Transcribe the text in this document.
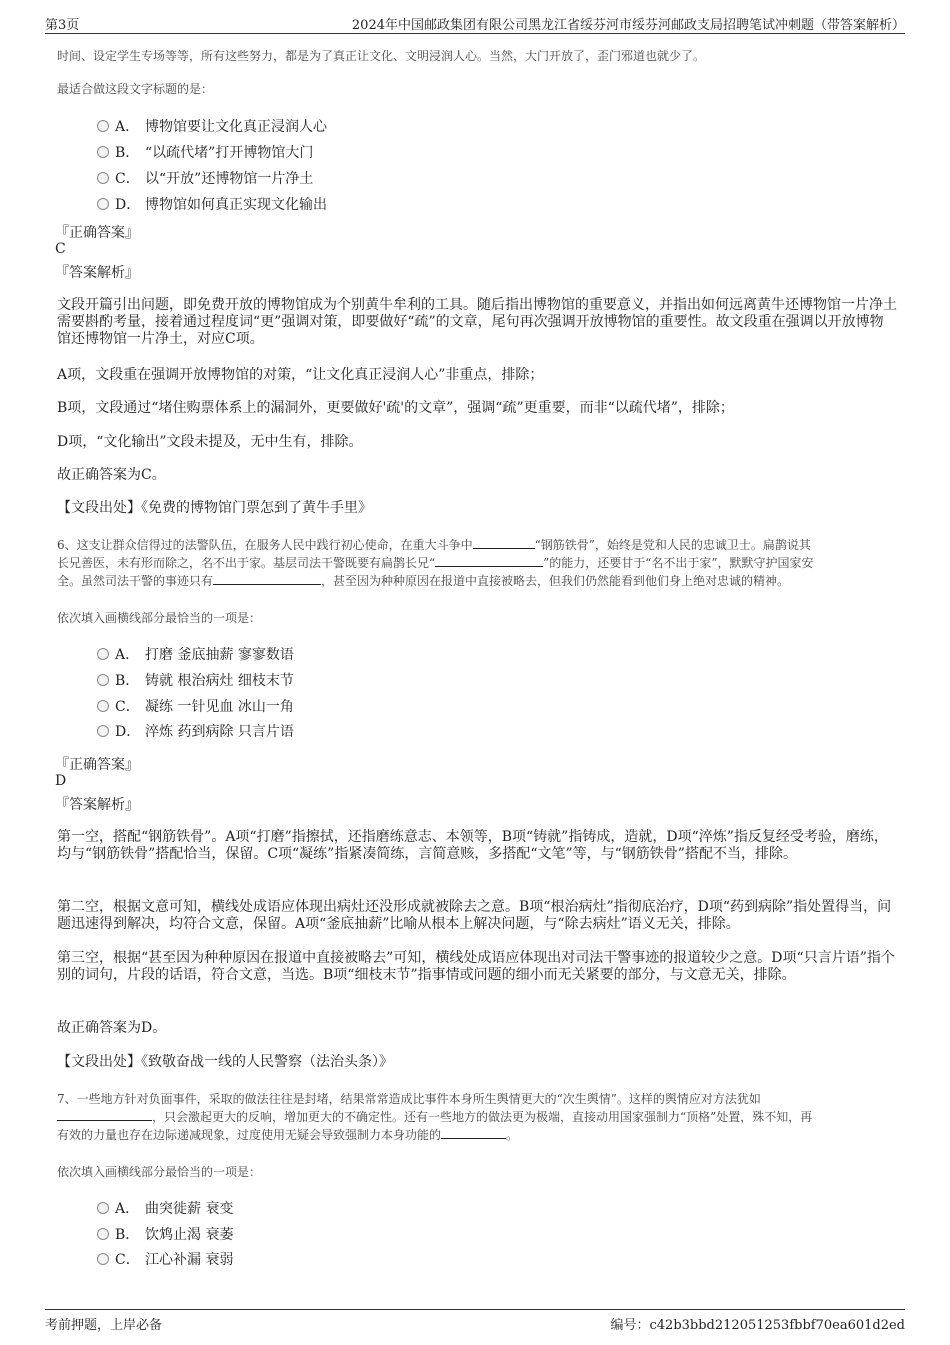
第3页	2024年中国邮政集团有限公司黑龙江省绥芬河市绥芬河邮政支局招聘笔试冲刺题（带答案解析）
时间、设定学生专场等等，所有这些努力，都是为了真正让文化、文明浸润人心。当然，大门开放了，歪门邪道也就少了。
最适合做这段文字标题的是：
A． 博物馆要让文化真正浸润人心
B． “以疏代堵”打开博物馆大门
C． 以“开放”还博物馆一片净土
D． 博物馆如何真正实现文化输出
『正确答案』
C
『答案解析』
文段开篇引出问题，即免费开放的博物馆成为个别黄牛牟利的工具。随后指出博物馆的重要意义，并指出如何远离黄牛还博物馆一片净土需要斟酌考量，接着通过程度词“更”强调对策，即要做好“疏”的文章，尾句再次强调开放博物馆的重要性。故文段重在强调以开放博物馆还博物馆一片净土，对应C项。
A项，文段重在强调开放博物馆的对策，“让文化真正浸润人心”非重点，排除；
B项，文段通过“堵住购票体系上的漏洞外，更要做好'疏'的文章”，强调“疏”更重要，而非“以疏代堵”，排除；
D项，“文化输出”文段未提及，无中生有，排除。
故正确答案为C。
【文段出处】《免费的博物馆门票怎到了黄牛手里》
6、这支让群众信得过的法警队伍，在服务人民中践行初心使命，在重大斗争中	“钢筋铁骨”，始终是党和人民的忠诚卫士。扁鹊说其
长兄善医，未有形而除之，名不出于家。基层司法干警既要有扁鹊长兄“	”的能力，还要甘于“名不出于家”，默默守护国家安
全。虽然司法干警的事迹只有	，甚至因为种种原因在报道中直接被略去，但我们仍然能看到他们身上绝对忠诚的精神。
依次填入画横线部分最恰当的一项是：
A． 打磨 釜底抽薪 寥寥数语
B． 铸就 根治病灶 细枝末节
C． 凝练 一针见血 冰山一角
D． 淬炼 药到病除 只言片语
『正确答案』
D
『答案解析』
第一空，搭配“钢筋铁骨”。A项“打磨”指擦拭，还指磨练意志、本领等，B项“铸就”指铸成，造就，D项“淬炼”指反复经受考验，磨练，均与“钢筋铁骨”搭配恰当，保留。C项“凝练”指紧凑简练，言简意赅，多搭配“文笔”等，与“钢筋铁骨”搭配不当，排除。
第二空，根据文意可知，横线处成语应体现出病灶还没形成就被除去之意。B项“根治病灶”指彻底治疗，D项“药到病除”指处置得当，问题迅速得到解决，均符合文意，保留。A项“釜底抽薪”比喻从根本上解决问题，与“除去病灶”语义无关，排除。
第三空，根据“甚至因为种种原因在报道中直接被略去”可知，横线处成语应体现出对司法干警事迹的报道较少之意。D项“只言片语”指个别的词句，片段的话语，符合文意，当选。B项“细枝末节”指事情或问题的细小而无关紧要的部分，与文意无关，排除。
故正确答案为D。
【文段出处】《致敬奋战一线的人民警察（法治头条）》
7、一些地方针对负面事件，采取的做法往往是封堵，结果常常造成比事件本身所生舆情更大的“次生舆情”。这样的舆情应对方法犹如
，只会激起更大的反响，增加更大的不确定性。还有一些地方的做法更为极端，直接动用国家强制力“顶格”处置，殊不知，再
有效的力量也存在边际递减现象，过度使用无疑会导致强制力本身功能的	。
依次填入画横线部分最恰当的一项是：
A． 曲突徙薪 衰变
B． 饮鸩止渴 衰萎
C． 江心补漏 衰弱
考前押题，上岸必备	编号：c42b3bbd212051253fbbf70ea601d2ed
